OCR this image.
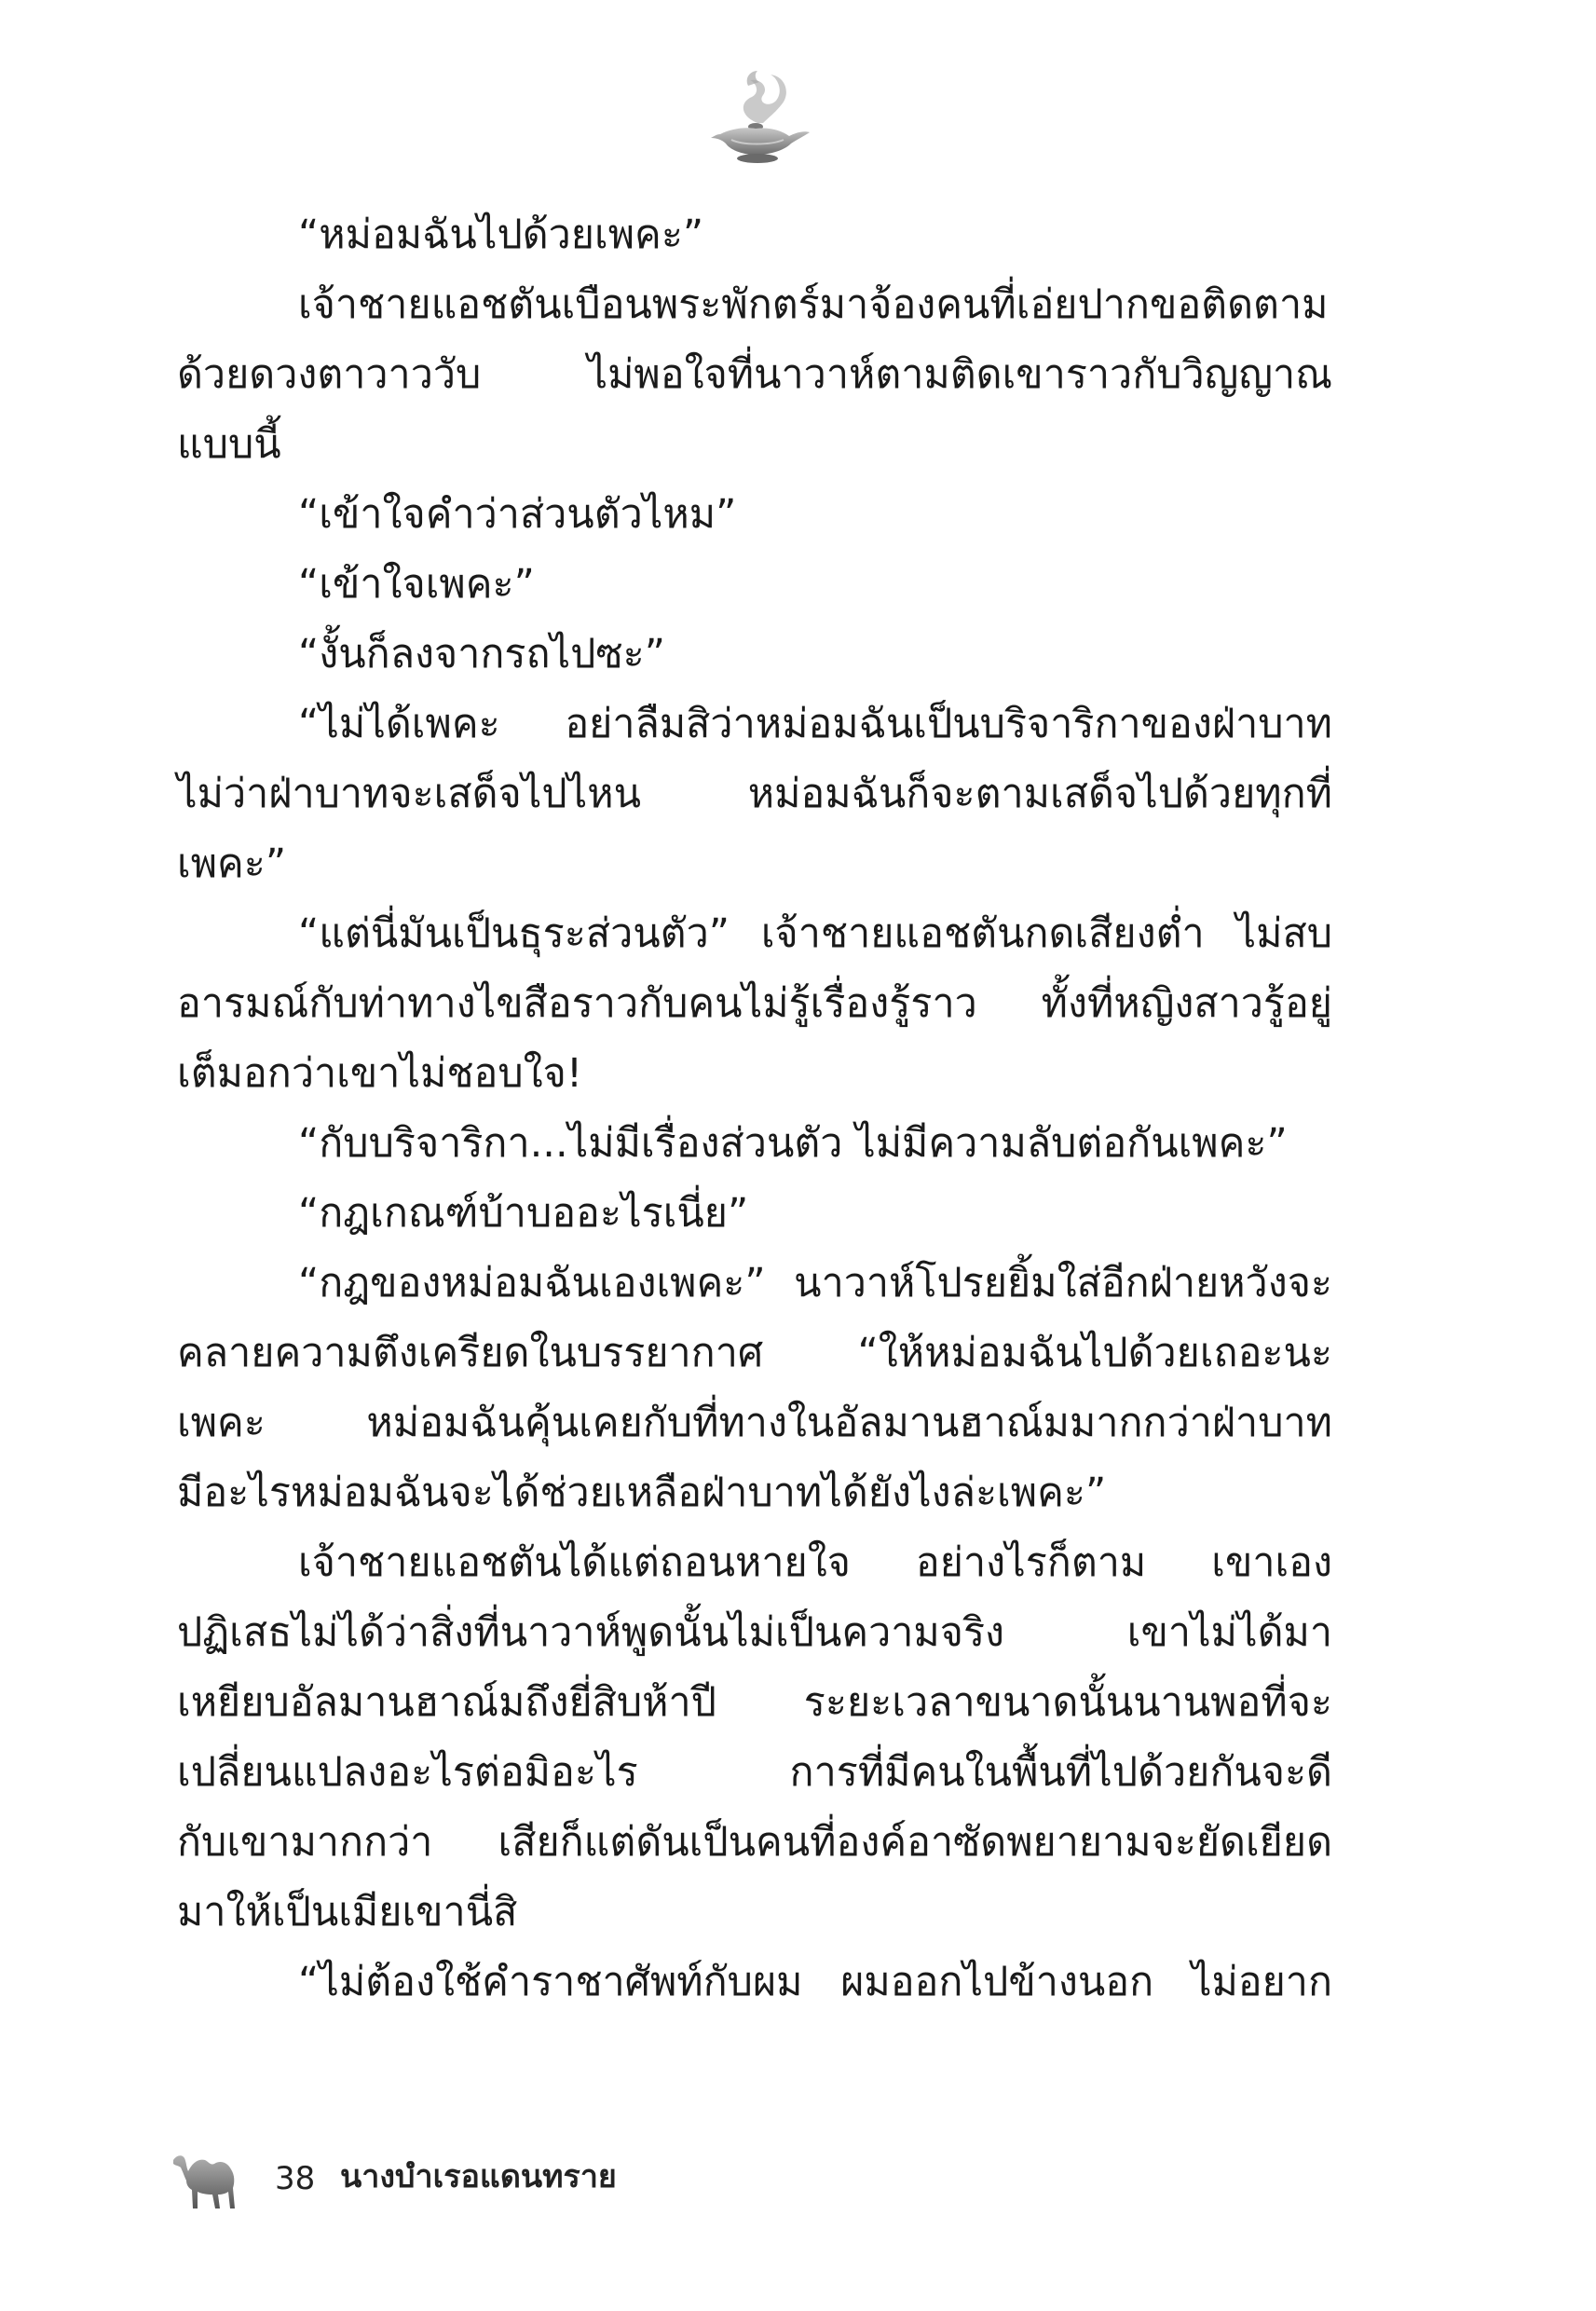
“หม่อมฉันไปด้วยเพคะ”
เจ้าชายแอชตันเบือนพระพักตร์มาจ้องคนที่เอ่ยปากขอติดตาม
ด้วยดวงตาวาววับ ไม่พอใจที่นาวาห์ตามติดเขาราวกับวิญญาณ
แบบนี้
“เข้าใจคำว่าส่วนตัวไหม”
“เข้าใจเพคะ”
“งั้นก็ลงจากรถไปซะ”
“ไม่ได้เพคะ อย่าลืมสิว่าหม่อมฉันเป็นบริจาริกาของฝ่าบาท
ไม่ว่าฝ่าบาทจะเสด็จไปไหน หม่อมฉันก็จะตามเสด็จไปด้วยทุกที่
เพคะ”
“แต่นี่มันเป็นธุระส่วนตัว” เจ้าชายแอชตันกดเสียงต่ำ ไม่สบ
อารมณ์กับท่าทางไขสือราวกับคนไม่รู้เรื่องรู้ราว ทั้งที่หญิงสาวรู้อยู่
เต็มอกว่าเขาไม่ชอบใจ!
“กับบริจาริกา...ไม่มีเรื่องส่วนตัว ไม่มีความลับต่อกันเพคะ”
“กฎเกณฑ์บ้าบออะไรเนี่ย”
“กฎของหม่อมฉันเองเพคะ” นาวาห์โปรยยิ้มใส่อีกฝ่ายหวังจะ
คลายความตึงเครียดในบรรยากาศ “ให้หม่อมฉันไปด้วยเถอะนะ
เพคะ หม่อมฉันคุ้นเคยกับที่ทางในอัลมานฮาณ์มมากกว่าฝ่าบาท
มีอะไรหม่อมฉันจะได้ช่วยเหลือฝ่าบาทได้ยังไงล่ะเพคะ”
เจ้าชายแอชตันได้แต่ถอนหายใจ อย่างไรก็ตาม เขาเอง
ปฏิเสธไม่ได้ว่าสิ่งที่นาวาห์พูดนั้นไม่เป็นความจริง เขาไม่ได้มา
เหยียบอัลมานฮาณ์มถึงยี่สิบห้าปี ระยะเวลาขนาดนั้นนานพอที่จะ
เปลี่ยนแปลงอะไรต่อมิอะไร การที่มีคนในพื้นที่ไปด้วยกันจะดี
กับเขามากกว่า เสียก็แต่ดันเป็นคนที่องค์อาซัดพยายามจะยัดเยียด
มาให้เป็นเมียเขานี่สิ
“ไม่ต้องใช้คำราชาศัพท์กับผม ผมออกไปข้างนอก ไม่อยาก
38 นางบำเรอแดนทราย
